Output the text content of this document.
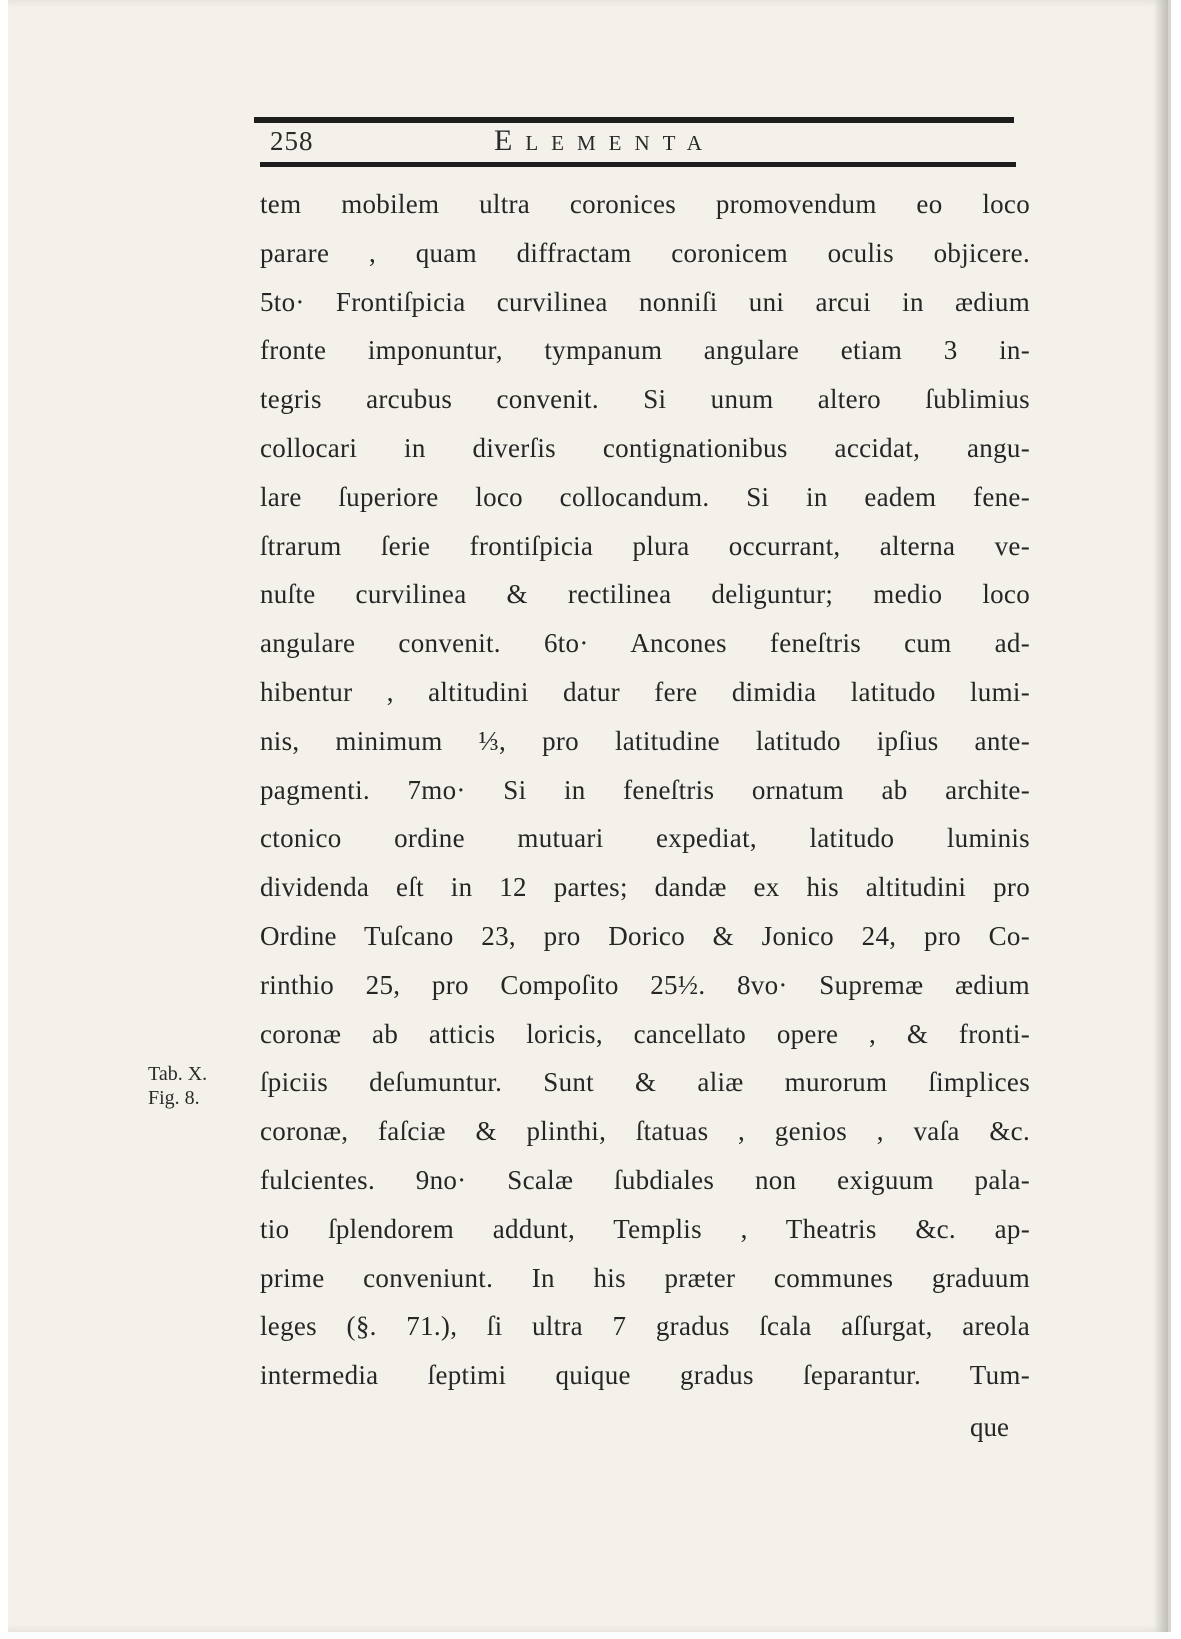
258	Elementa
Tab. X.
Fig. 8.
tem mobilem ultra coronices promovendum eo loco
parare , quam diffractam coronicem oculis objicere.
5to· Frontiſpicia curvilinea nonniſi uni arcui in ædium
fronte imponuntur, tympanum angulare etiam 3 in-
tegris arcubus convenit. Si unum altero ſublimius
collocari in diverſis contignationibus accidat, angu-
lare ſuperiore loco collocandum. Si in eadem fene-
ſtrarum ſerie frontiſpicia plura occurrant, alterna ve-
nuſte curvilinea & rectilinea deliguntur; medio loco
angulare convenit. 6to· Ancones feneſtris cum ad-
hibentur , altitudini datur fere dimidia latitudo lumi-
nis, minimum ⅓, pro latitudine latitudo ipſius ante-
pagmenti. 7mo· Si in feneſtris ornatum ab archite-
ctonico ordine mutuari expediat, latitudo luminis
dividenda eſt in 12 partes; dandæ ex his altitudini pro
Ordine Tuſcano 23, pro Dorico & Jonico 24, pro Co-
rinthio 25, pro Compoſito 25½. 8vo· Supremæ ædium
coronæ ab atticis loricis, cancellato opere , & fronti-
ſpiciis deſumuntur. Sunt & aliæ murorum ſimplices
coronæ, faſciæ & plinthi, ſtatuas , genios , vaſa &c.
fulcientes. 9no· Scalæ ſubdiales non exiguum pala-
tio ſplendorem addunt, Templis , Theatris &c. ap-
prime conveniunt. In his præter communes graduum
leges (§. 71.), ſi ultra 7 gradus ſcala aſſurgat, areola
intermedia ſeptimi quique gradus ſeparantur. Tum-
que
